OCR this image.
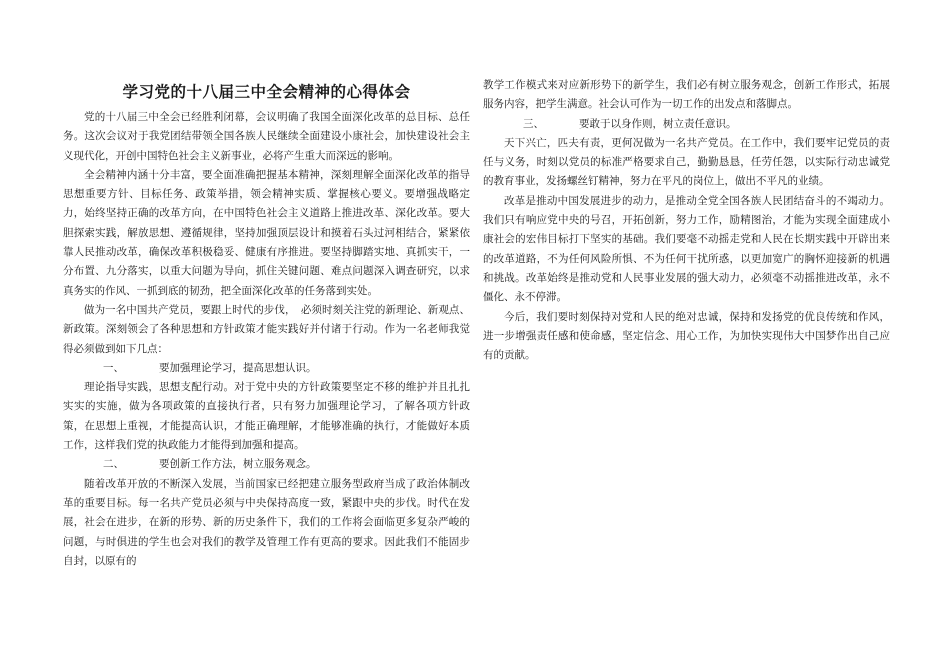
学习党的十八届三中全会精神的心得体会

党的十八届三中全会已经胜利闭幕，会议明确了我国全面深化改革的总目标、总任务。这次会议对于我党团结带领全国各族人民继续全面建设小康社会，加快建设社会主义现代化，开创中国特色社会主义新事业，必将产生重大而深远的影响。

全会精神内涵十分丰富，要全面准确把握基本精神，深刻理解全面深化改革的指导思想重要方针、目标任务、政策举措，领会精神实质、掌握核心要义。要增强战略定力，始终坚持正确的改革方向，在中国特色社会主义道路上推进改革、深化改革。要大胆探索实践，解放思想、遵循规律，坚持加强顶层设计和摸着石头过河相结合，紧紧依靠人民推动改革，确保改革积极稳妥、健康有序推进。要坚持脚踏实地、真抓实干，一分布置、九分落实，以重大问题为导向，抓住关键问题、难点问题深入调查研究，以求真务实的作风、一抓到底的韧劲，把全面深化改革的任务落到实处。

做为一名中国共产党员，要跟上时代的步伐，　必须时刻关注党的新理论、新观点、新政策。深刻领会了各种思想和方针政策才能实践好并付诸于行动。作为一名老师我觉得必须做到如下几点：

一、	要加强理论学习，提高思想认识。

理论指导实践，思想支配行动。对于党中央的方针政策要坚定不移的维护并且扎扎实实的实施，做为各项政策的直接执行者，只有努力加强理论学习，了解各项方针政策，在思想上重视，才能提高认识，才能正确理解，才能够准确的执行，才能做好本质工作，这样我们党的执政能力才能得到加强和提高。

二、	要创新工作方法，树立服务观念。

随着改革开放的不断深入发展，当前国家已经把建立服务型政府当成了政治体制改革的重要目标。每一名共产党员必须与中央保持高度一致，紧跟中央的步伐。时代在发展，社会在进步，在新的形势、新的历史条件下，我们的工作将会面临更多复杂严峻的问题，与时俱进的学生也会对我们的教学及管理工作有更高的要求。因此我们不能固步自封，以原有的

教学工作模式来对应新形势下的新学生，我们必有树立服务观念，创新工作形式，拓展服务内容，把学生满意。社会认可作为一切工作的出发点和落脚点。

三、	要敢于以身作则，树立责任意识。

天下兴亡，匹夫有责，更何况做为一名共产党员。在工作中，我们要牢记党员的责任与义务，时刻以党员的标准严格要求自己，勤勤恳恳，任劳任怨，以实际行动忠诚党的教育事业，发扬螺丝钉精神，努力在平凡的岗位上，做出不平凡的业绩。

改革是推动中国发展进步的动力，是推动全党全国各族人民团结奋斗的不竭动力。我们只有响应党中央的号召，开拓创新，努力工作，励精图治，才能为实现全面建成小康社会的宏伟目标打下坚实的基础。我们要毫不动摇走党和人民在长期实践中开辟出来的改革道路，不为任何风险所惧、不为任何干扰所惑，以更加宽广的胸怀迎接新的机遇和挑战。改革始终是推动党和人民事业发展的强大动力，必须毫不动摇推进改革，永不僵化、永不停滞。

今后，我们要时刻保持对党和人民的绝对忠诚，保持和发扬党的优良传统和作风，进一步增强责任感和使命感，坚定信念、用心工作，为加快实现伟大中国梦作出自己应有的贡献。
